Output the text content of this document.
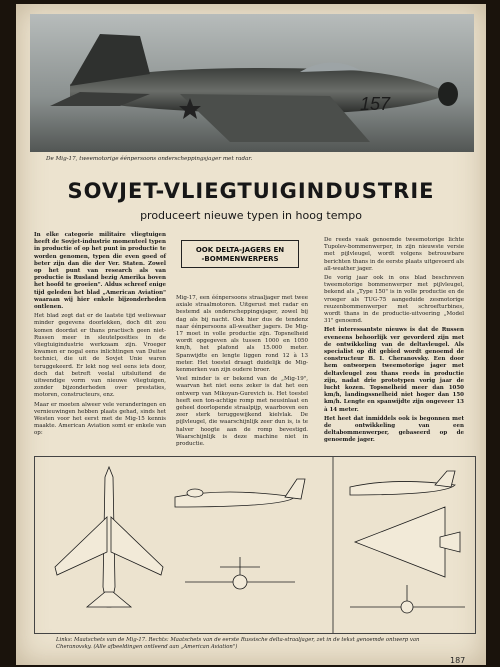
157
De Mig-17, tweemotorige éénpersoons onderscheppingsjager met radar.
SOVJET-VLIEGTUIGINDUSTRIE
produceert nieuwe typen in hoog tempo

In elke categorie militaire vliegtuigen heeft de Sovjet-industrie momenteel typen in productie of op het punt in productie te worden genomen, typen die even goed of beter zijn dan die der Ver. Staten. Zowel op het punt van research als van productie is Rusland bezig Amerika boven het hoofd te groeien". Aldus schreef enige tijd geleden het blad „American Aviation" waaraan wij hier enkele bijzonderheden ontlenen.

Het blad zegt dat er de laatste tijd weliswaar minder gegevens doorlekken, doch dit zou komen doordat er thans practisch geen niet-Russen meer in sleutelposities in de vliegtuigindustrie werkzaam zijn. Vroeger kwamen er nogal eens inlichtingen van Duitse technici, die uit de Sovjet Unie waren teruggekeerd. Er lekt nog wel eens iets door, doch dat betreft veelal uitsluitend de uitwendige vorm van nieuwe vliegtuigen, zonder bijzonderheden over prestaties, motoren, constructeurs, enz.

Maar er moeten alweer vele veranderingen en vernieuwingen hebben plaats gehad, sinds het Westen voor het eerst met de Mig-15 kennis maakte. American Aviation somt er enkele van op:

OOK DELTA-JAGERS EN
-BOMMENWERPERS

Mig-17, een éénpersoons straaljager met twee axiale straalmotoren. Uitgerust met radar en bestemd als onderscheppingsjager, zowel bij dag als bij nacht. Ook hier dus de tendenz naar éénpersoons all-weather jagers. De Mig-17 moet in volle productie zijn. Topsnelheid wordt opgegeven als tussen 1000 en 1050 km/h, het plafond als 15.000 meter. Spanwijdte en lengte liggen rond 12 à 13 meter. Het toestel draagt duidelijk de Mig-kenmerken van zijn oudere broer.

Veel minder is er bekend van de „Mig-19", waarvan het niet eens zeker is dat het een ontwerp van Mikoyan-Gurevich is. Het toestel heeft een ton-achtige romp met neusinlaat en geheel doorlopende straalpijp, waarboven een zeer sterk teruggewijkend kielvlak. De pijlvleugel, die waarschijnlijk zeer dun is, is te halver hoogte aan de romp bevestigd. Waarschijnlijk is deze machine niet in productie.

De reeds vaak genoemde tweemotorige lichte Tupolev-bommenwerper, in zijn nieuwste versie met pijlvleugel, wordt volgens betrouwbare berichten thans in de eerste plaats uitgevoerd als all-weather jager.

De vorig jaar ook in ons blad beschreven tweemotorige bommenwerper met pijlvleugel, bekend als „Type 150" is in volle productie en de vroeger als TUG-75 aangeduide zesmotorige reuzenbommenwerper met schroefturbines, wordt thans in de productie-uitvoering „Model 31" genoemd.

Het interessantste nieuws is dat de Russen eveneens behoorlijk ver gevorderd zijn met de ontwikkeling van de deltavleugel. Als specialist op dit gebied wordt genoemd de constructeur B. I. Cheranovsky. Een door hem ontworpen tweemotorige jager met deltavleugel zou thans reeds in productie zijn, nadat drie prototypen vorig jaar de lucht kozen. Topsnelheid meer dan 1050 km/h, landingssnelheid niet hoger dan 150 km/h. Lengte en spanwijdte zijn ongeveer 13 à 14 meter.

Het heet dat inmiddels ook is begonnen met de ontwikkeling van een deltabommenwerper, gebaseerd op de genoemde jager.

Links: Maatschets van de Mig-17. Rechts: Maatschets van de eerste Russische delta-straaljager, zet in de tekst genoemde ontwerp van Cheranovsky. (Alle afbeeldingen ontleend aan „American Aviation")
187
